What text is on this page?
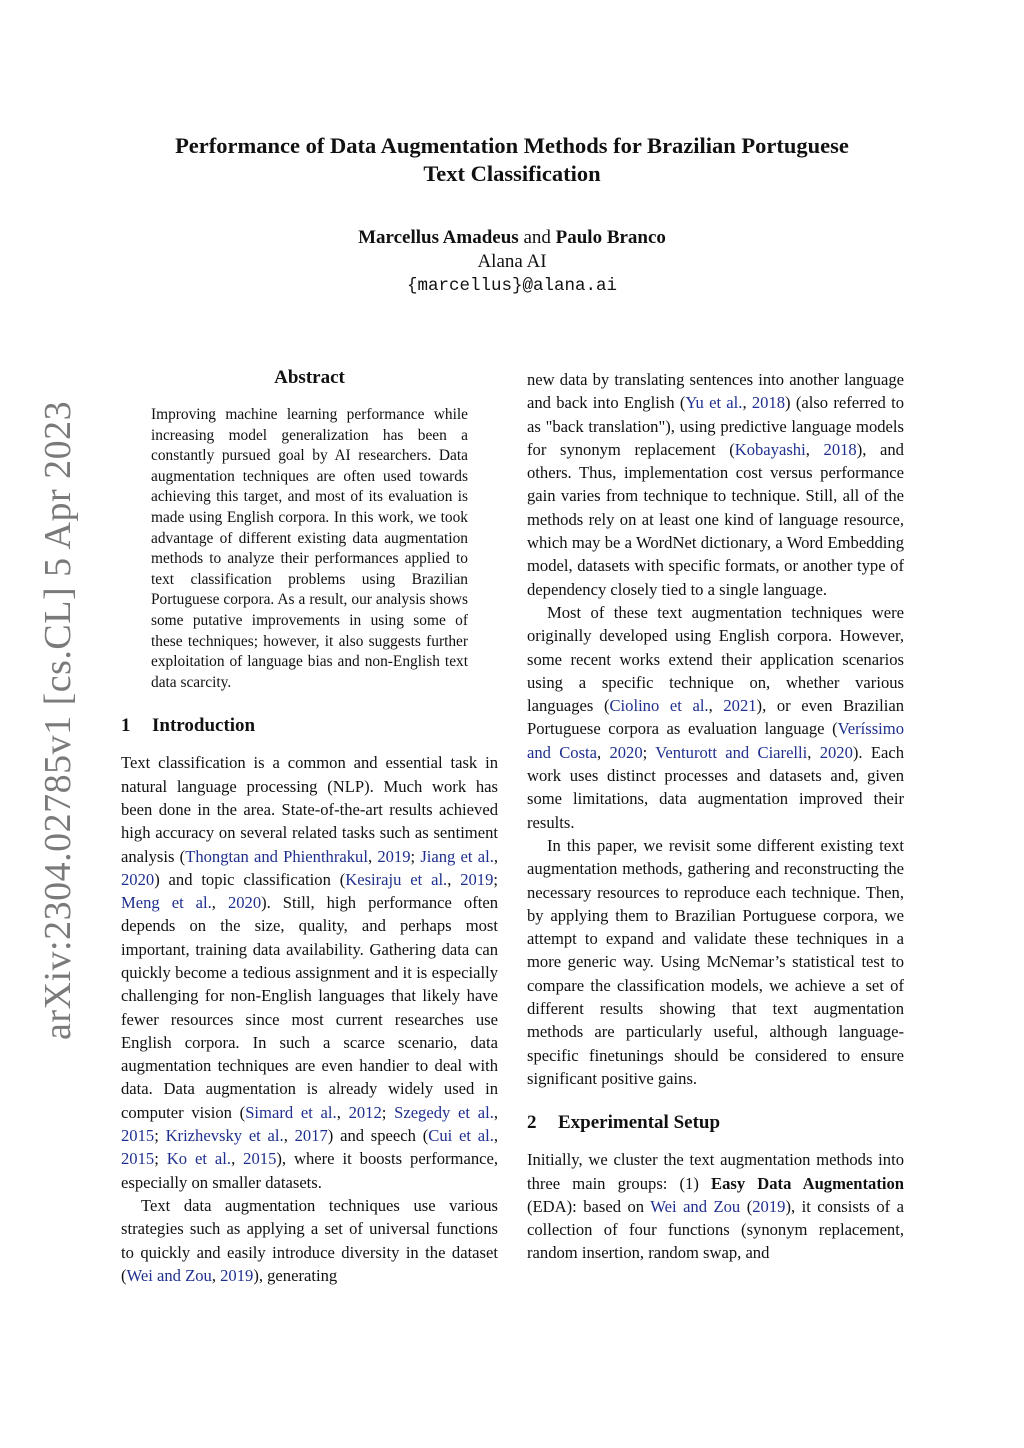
arXiv:2304.02785v1 [cs.CL] 5 Apr 2023
Performance of Data Augmentation Methods for Brazilian Portuguese
Text Classification
Marcellus Amadeus and Paulo Branco
Alana AI
{marcellus}@alana.ai
Abstract

Improving machine learning performance while increasing model generalization has been a constantly pursued goal by AI researchers. Data augmentation techniques are often used towards achieving this target, and most of its evaluation is made using English corpora. In this work, we took advantage of different existing data augmentation methods to analyze their performances applied to text classification problems using Brazilian Portuguese corpora. As a result, our analysis shows some putative improvements in using some of these techniques; however, it also suggests further exploitation of language bias and non-English text data scarcity.

1 Introduction

Text classification is a common and essential task in natural language processing (NLP). Much work has been done in the area. State-of-the-art results achieved high accuracy on several related tasks such as sentiment analysis (Thongtan and Phienthrakul, 2019; Jiang et al., 2020) and topic classification (Kesiraju et al., 2019; Meng et al., 2020). Still, high performance often depends on the size, quality, and perhaps most important, training data availability. Gathering data can quickly become a tedious assignment and it is especially challenging for non-English languages that likely have fewer resources since most current researches use English corpora. In such a scarce scenario, data augmentation techniques are even handier to deal with data. Data augmentation is already widely used in computer vision (Simard et al., 2012; Szegedy et al., 2015; Krizhevsky et al., 2017) and speech (Cui et al., 2015; Ko et al., 2015), where it boosts performance, especially on smaller datasets.

Text data augmentation techniques use various strategies such as applying a set of universal functions to quickly and easily introduce diversity in the dataset (Wei and Zou, 2019), generating

new data by translating sentences into another language and back into English (Yu et al., 2018) (also referred to as "back translation"), using predictive language models for synonym replacement (Kobayashi, 2018), and others. Thus, implementation cost versus performance gain varies from technique to technique. Still, all of the methods rely on at least one kind of language resource, which may be a WordNet dictionary, a Word Embedding model, datasets with specific formats, or another type of dependency closely tied to a single language.

Most of these text augmentation techniques were originally developed using English corpora. However, some recent works extend their application scenarios using a specific technique on, whether various languages (Ciolino et al., 2021), or even Brazilian Portuguese corpora as evaluation language (Veríssimo and Costa, 2020; Venturott and Ciarelli, 2020). Each work uses distinct processes and datasets and, given some limitations, data augmentation improved their results.

In this paper, we revisit some different existing text augmentation methods, gathering and reconstructing the necessary resources to reproduce each technique. Then, by applying them to Brazilian Portuguese corpora, we attempt to expand and validate these techniques in a more generic way. Using McNemar’s statistical test to compare the classification models, we achieve a set of different results showing that text augmentation methods are particularly useful, although language-specific finetunings should be considered to ensure significant positive gains.

2 Experimental Setup

Initially, we cluster the text augmentation methods into three main groups: (1) Easy Data Augmentation (EDA): based on Wei and Zou (2019), it consists of a collection of four functions (synonym replacement, random insertion, random swap, and
